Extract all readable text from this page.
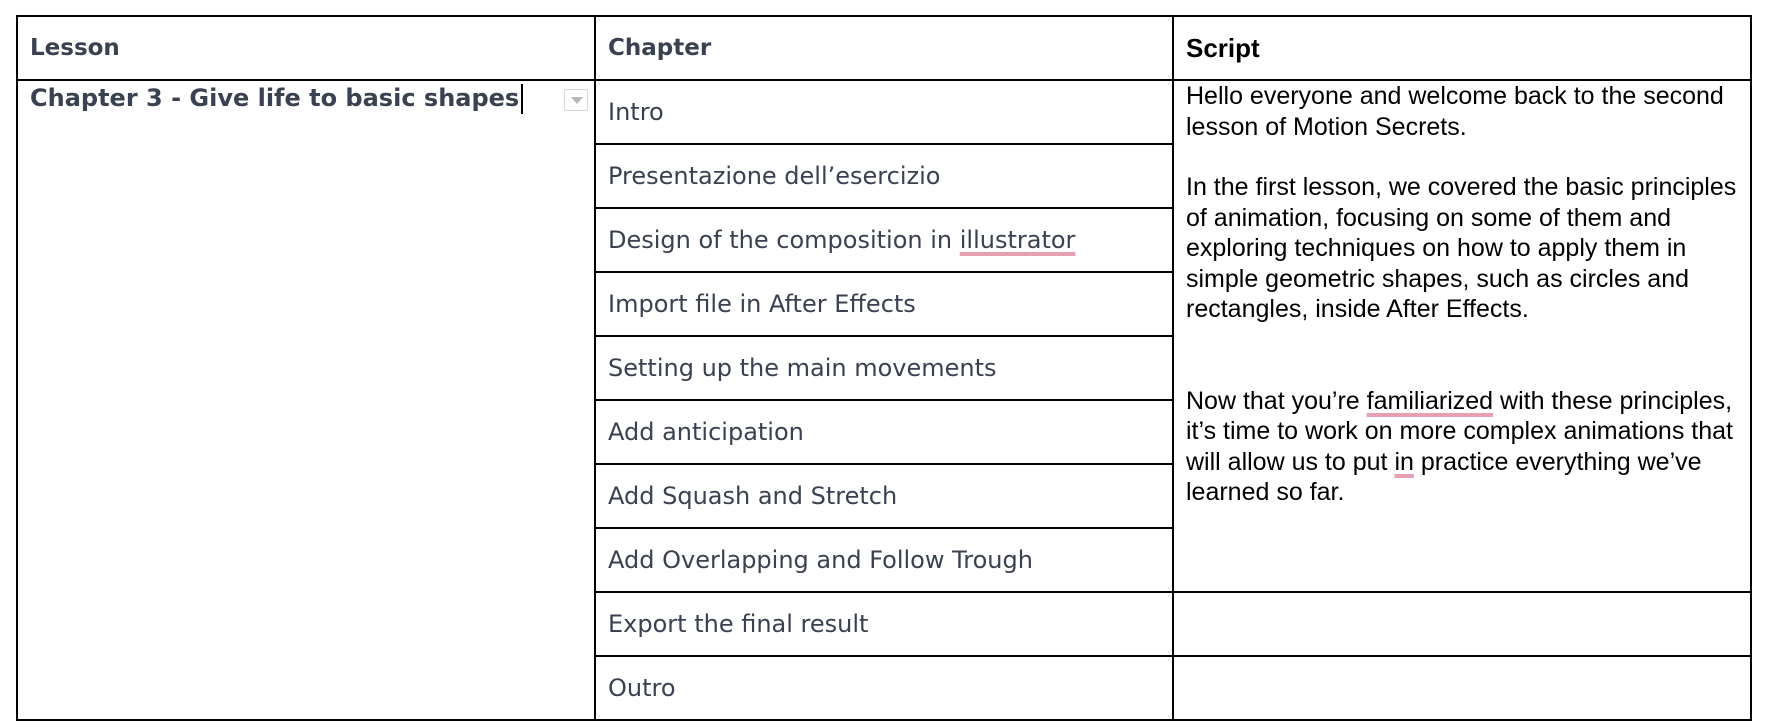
Lesson	Chapter	Script
Chapter 3 - Give life to basic shapes	Intro	Hello everyone and welcome back to the second lesson of Motion Secrets.

In the first lesson, we covered the basic principles of animation, focusing on some of them and exploring techniques on how to apply them in simple geometric shapes, such as circles and rectangles, inside After Effects.

Now that you’re familiarized with these principles, it’s time to work on more complex animations that will allow us to put in practice everything we’ve learned so far.

	Presentazione dell’esercizio	
	Design of the composition in illustrator	
	Import file in After Effects	
	Setting up the main movements	
	Add anticipation	
	Add Squash and Stretch	
	Add Overlapping and Follow Trough	
	Export the final result	
	Outro	
